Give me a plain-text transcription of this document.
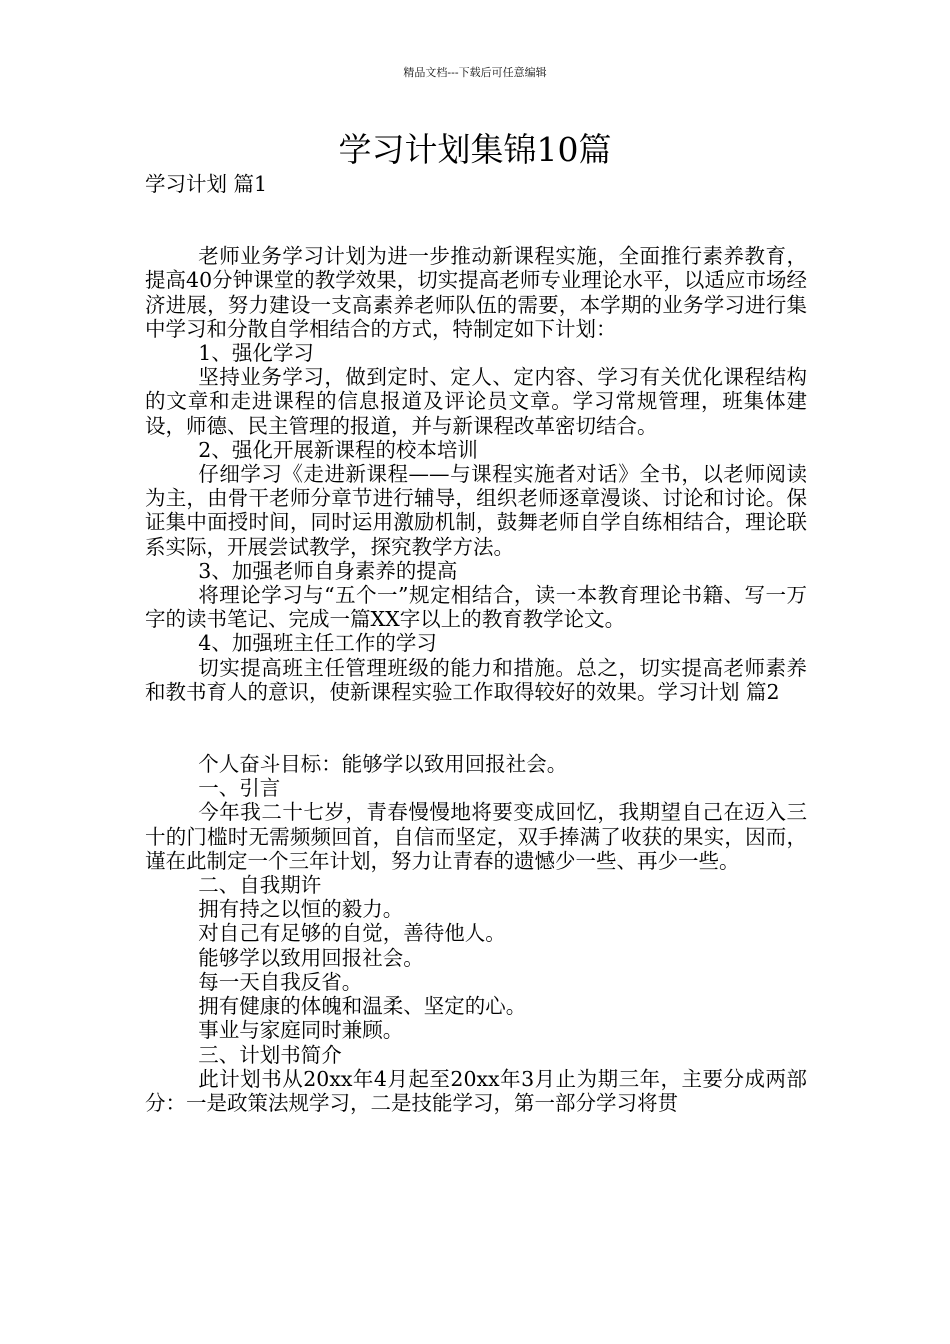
精品文档---下载后可任意编辑
学习计划集锦10篇

学习计划 篇1

老师业务学习计划为进一步推动新课程实施，全面推行素养教育，提高40分钟课堂的教学效果，切实提高老师专业理论水平，以适应市场经济进展，努力建设一支高素养老师队伍的需要，本学期的业务学习进行集中学习和分散自学相结合的方式，特制定如下计划：

1、强化学习

坚持业务学习，做到定时、定人、定内容、学习有关优化课程结构的文章和走进课程的信息报道及评论员文章。学习常规管理，班集体建设，师德、民主管理的报道，并与新课程改革密切结合。

2、强化开展新课程的校本培训

仔细学习《走进新课程——与课程实施者对话》全书，以老师阅读为主，由骨干老师分章节进行辅导，组织老师逐章漫谈、讨论和讨论。保证集中面授时间，同时运用激励机制，鼓舞老师自学自练相结合，理论联系实际，开展尝试教学，探究教学方法。

3、加强老师自身素养的提高

将理论学习与“五个一”规定相结合，读一本教育理论书籍、写一万字的读书笔记、完成一篇XX字以上的教育教学论文。

4、加强班主任工作的学习

切实提高班主任管理班级的能力和措施。总之，切实提高老师素养和教书育人的意识，使新课程实验工作取得较好的效果。学习计划 篇2

个人奋斗目标：能够学以致用回报社会。

一、引言

今年我二十七岁，青春慢慢地将要变成回忆，我期望自己在迈入三十的门槛时无需频频回首，自信而坚定，双手捧满了收获的果实，因而，谨在此制定一个三年计划，努力让青春的遗憾少一些、再少一些。

二、自我期许

拥有持之以恒的毅力。

对自己有足够的自觉，善待他人。

能够学以致用回报社会。

每一天自我反省。

拥有健康的体魄和温柔、坚定的心。

事业与家庭同时兼顾。

三、计划书简介

此计划书从20xx年4月起至20xx年3月止为期三年，主要分成两部分：一是政策法规学习，二是技能学习，第一部分学习将贯
